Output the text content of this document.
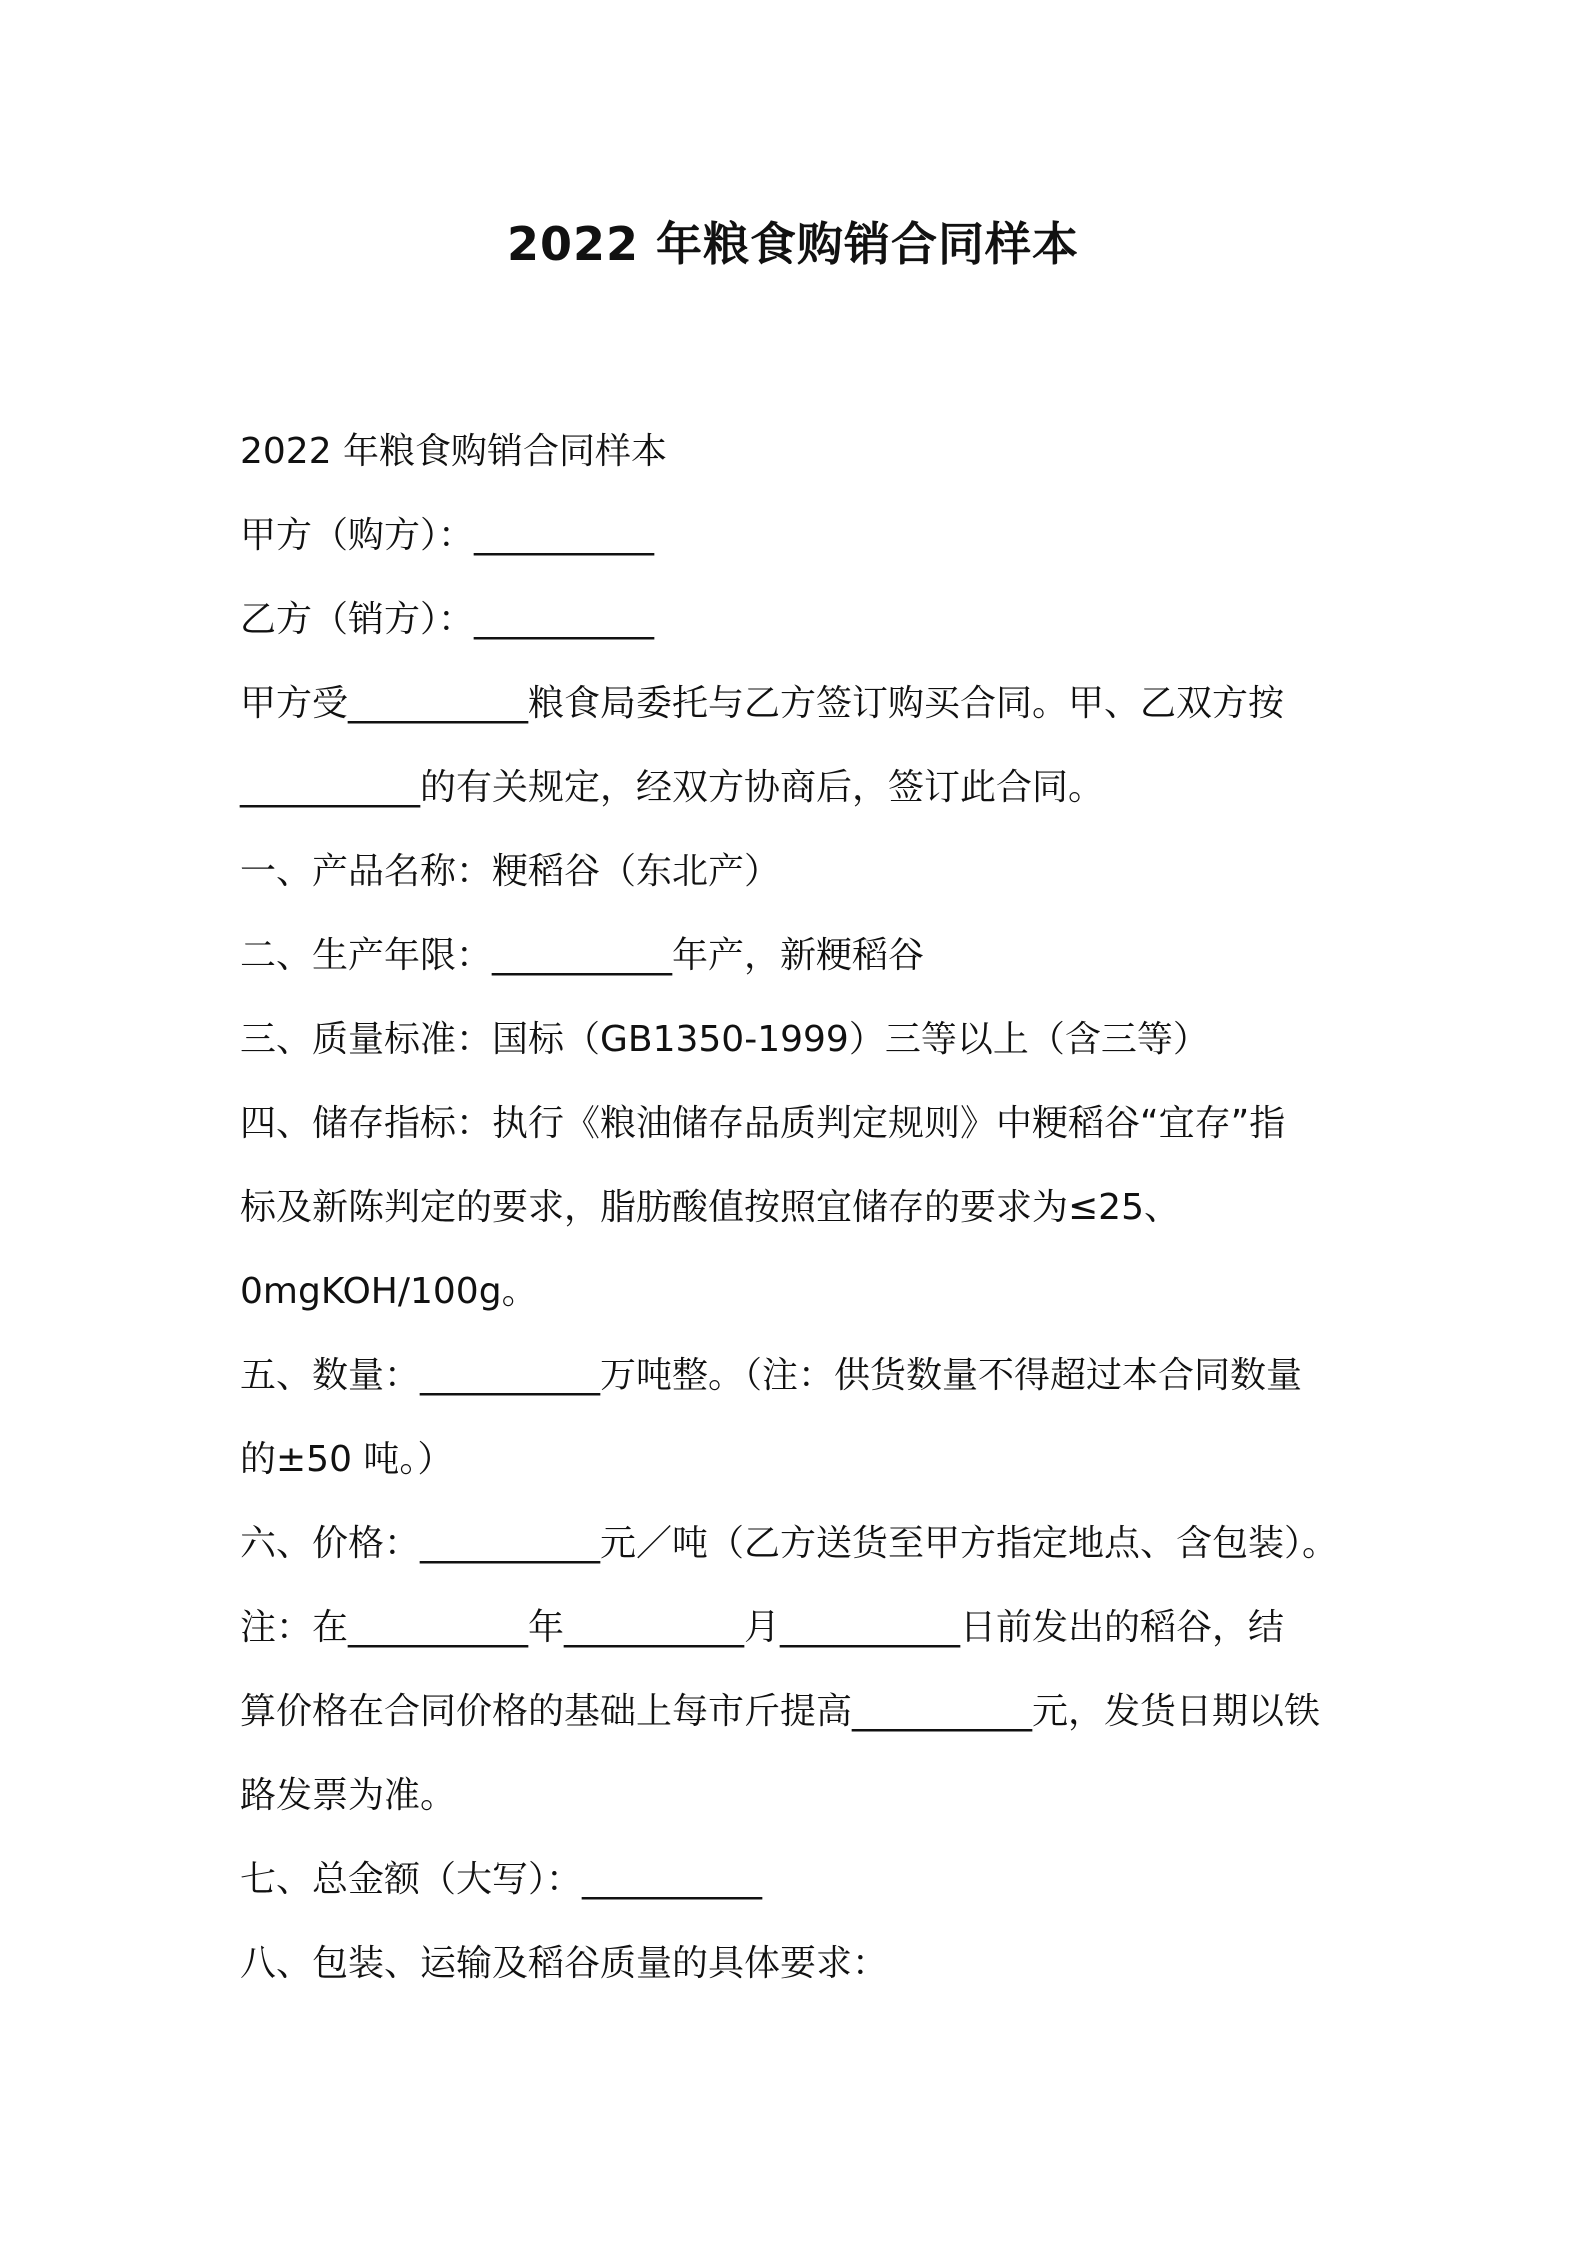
2022 年粮食购销合同样本
2022 年粮食购销合同样本
甲方（购方）：__________
乙方（销方）：__________
甲方受__________粮食局委托与乙方签订购买合同。甲、乙双方按
__________的有关规定，经双方协商后，签订此合同。
一、产品名称：粳稻谷（东北产）
二、生产年限：__________年产，新粳稻谷
三、质量标准：国标（GB1350-1999）三等以上（含三等）
四、储存指标：执行《粮油储存品质判定规则》中粳稻谷“宜存”指
标及新陈判定的要求，脂肪酸值按照宜储存的要求为≤25、
0mgKOH/100g。
五、数量：__________万吨整。（注：供货数量不得超过本合同数量
的±50 吨。）
六、价格：__________元／吨（乙方送货至甲方指定地点、含包装）。
注：在__________年__________月__________日前发出的稻谷，结
算价格在合同价格的基础上每市斤提高__________元，发货日期以铁
路发票为准。
七、总金额（大写）：__________
八、包装、运输及稻谷质量的具体要求：
